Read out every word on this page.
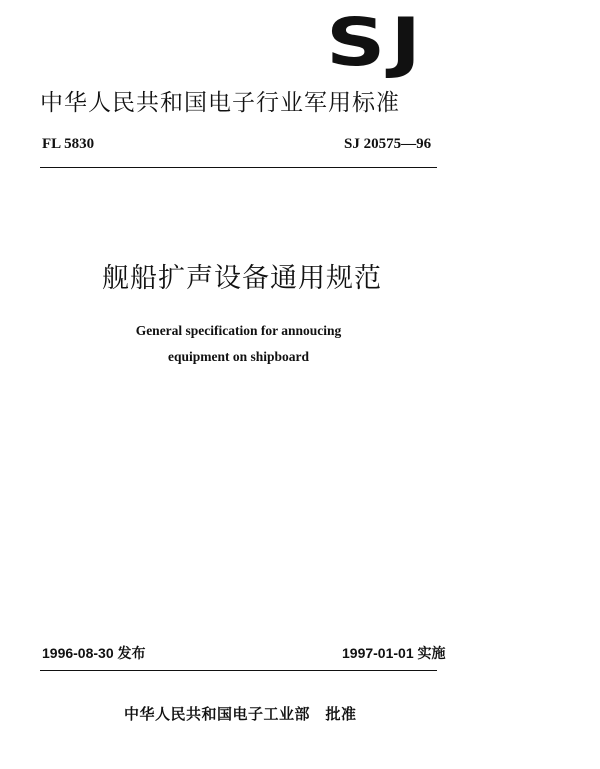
SJ
中华人民共和国电子行业军用标准
FL 5830	SJ 20575—96
舰船扩声设备通用规范
General specification for annoucing
equipment on shipboard
1996-08-30 发布	1997-01-01 实施
中华人民共和国电子工业部　批准
